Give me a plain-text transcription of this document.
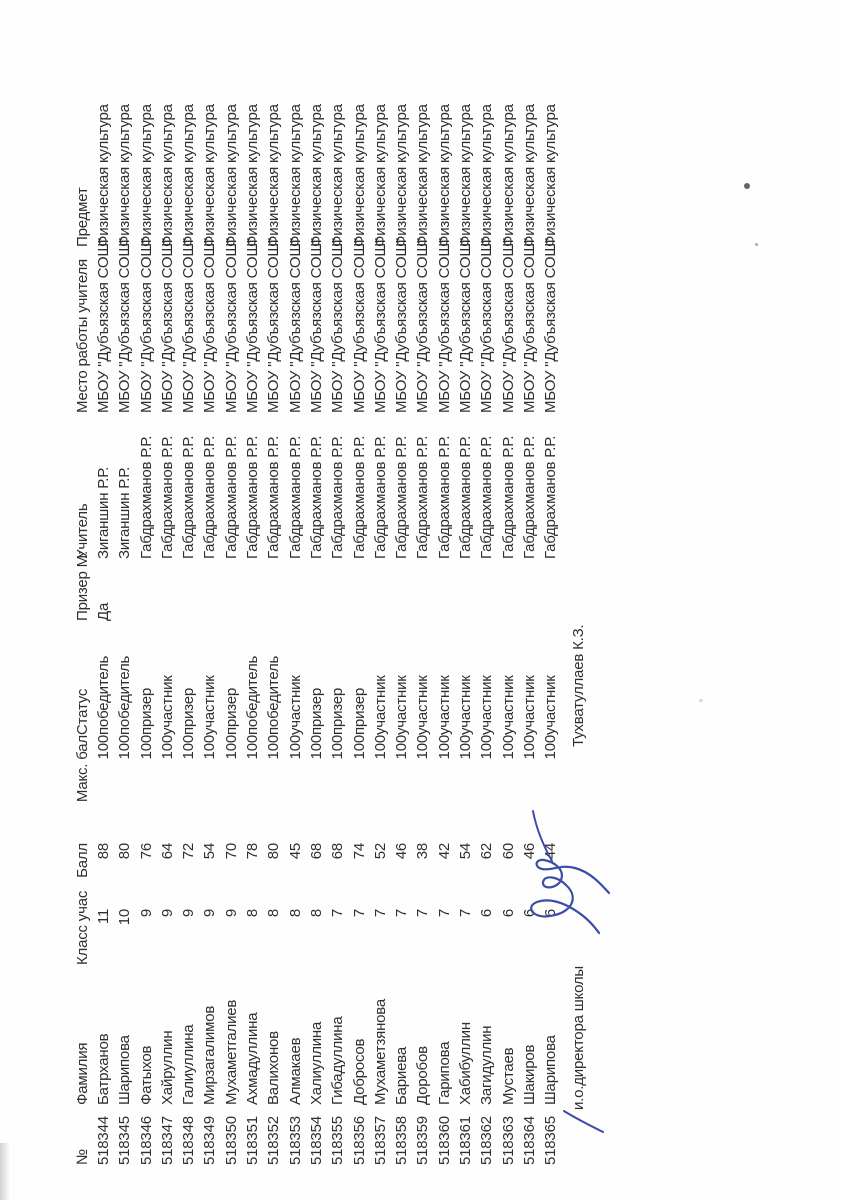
№	Фамилия	Класс учас	Балл	Макс. бал	Статус	Призер М:	Учитель	Место работы учителя	Предмет
518344	Батрханов	11	88	100	победитель	Да	Зиганшин Р.Р.	МБОУ "Дубъязская СОШ"	Физическая культура
518345	Шарипова	10	80	100	победитель		Зиганшин Р.Р.	МБОУ "Дубъязская СОШ"	Физическая культура
518346	Фатыхов	9	76	100	призер		Габдрахманов Р.Р.	МБОУ "Дубъязская СОШ"	Физическая культура
518347	Хайруллин	9	64	100	участник		Габдрахманов Р.Р.	МБОУ "Дубъязская СОШ"	Физическая культура
518348	Галиуллина	9	72	100	призер		Габдрахманов Р.Р.	МБОУ "Дубъязская СОШ"	Физическая культура
518349	Мирзагалимов	9	54	100	участник		Габдрахманов Р.Р.	МБОУ "Дубъязская СОШ"	Физическая культура
518350	Мухаметгалиев	9	70	100	призер		Габдрахманов Р.Р.	МБОУ "Дубъязская СОШ"	Физическая культура
518351	Ахмадуллина	8	78	100	победитель		Габдрахманов Р.Р.	МБОУ "Дубъязская СОШ"	Физическая культура
518352	Валихонов	8	80	100	победитель		Габдрахманов Р.Р.	МБОУ "Дубъязская СОШ"	Физическая культура
518353	Алмакаев	8	45	100	участник		Габдрахманов Р.Р.	МБОУ "Дубъязская СОШ"	Физическая культура
518354	Халиуллина	8	68	100	призер		Габдрахманов Р.Р.	МБОУ "Дубъязская СОШ"	Физическая культура
518355	Гибадуллина	7	68	100	призер		Габдрахманов Р.Р.	МБОУ "Дубъязская СОШ"	Физическая культура
518356	Добросов	7	74	100	призер		Габдрахманов Р.Р.	МБОУ "Дубъязская СОШ"	Физическая культура
518357	Мухаметзянова	7	52	100	участник		Габдрахманов Р.Р.	МБОУ "Дубъязская СОШ"	Физическая культура
518358	Бариева	7	46	100	участник		Габдрахманов Р.Р.	МБОУ "Дубъязская СОШ"	Физическая культура
518359	Доробов	7	38	100	участник		Габдрахманов Р.Р.	МБОУ "Дубъязская СОШ"	Физическая культура
518360	Гарипова	7	42	100	участник		Габдрахманов Р.Р.	МБОУ "Дубъязская СОШ"	Физическая культура
518361	Хабибуллин	7	54	100	участник		Габдрахманов Р.Р.	МБОУ "Дубъязская СОШ"	Физическая культура
518362	Загидуллин	6	62	100	участник		Габдрахманов Р.Р.	МБОУ "Дубъязская СОШ"	Физическая культура
518363	Мустаев	6	60	100	участник		Габдрахманов Р.Р.	МБОУ "Дубъязская СОШ"	Физическая культура
518364	Шакиров	6	46	100	участник		Габдрахманов Р.Р.	МБОУ "Дубъязская СОШ"	Физическая культура
518365	Шарипова	6	44	100	участник		Габдрахманов Р.Р.	МБОУ "Дубъязская СОШ"	Физическая культура
и.о.директора школы
Тухватуллаев К.З.
